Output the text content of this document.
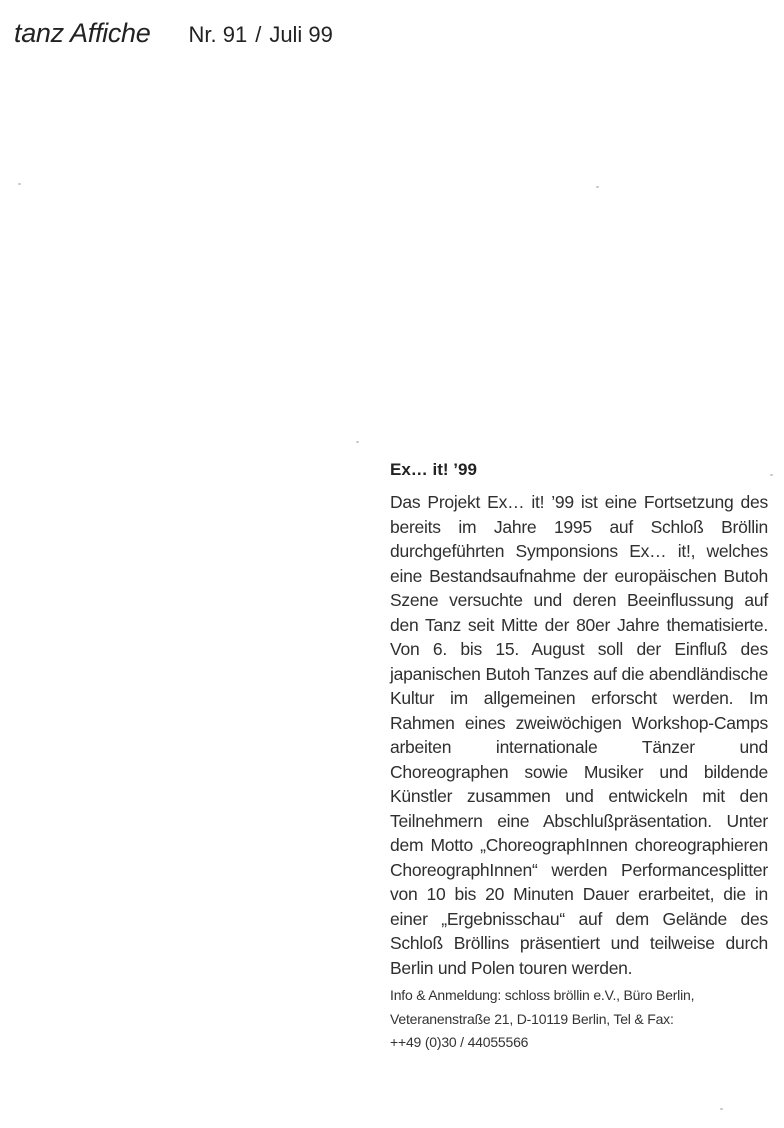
tanz Affiche Nr. 91 / Juli 99
Ex… it! ’99
Das Projekt Ex… it! ’99 ist eine Fortsetzung des bereits im Jahre 1995 auf Schloß Bröllin durchgeführten Symponsions Ex… it!, welches eine Bestandsaufnahme der europäischen Butoh Szene versuchte und deren Beeinflussung auf den Tanz seit Mitte der 80er Jahre thematisierte. Von 6. bis 15. August soll der Einfluß des japanischen Butoh Tanzes auf die abendländische Kultur im allgemeinen erforscht werden. Im Rahmen eines zweiwöchigen Workshop-Camps arbeiten internationale Tänzer und Choreographen sowie Musiker und bildende Künstler zusammen und entwickeln mit den Teilnehmern eine Abschlußpräsentation. Unter dem Motto „ChoreographInnen choreographieren ChoreographInnen“ werden Performancesplitter von 10 bis 20 Minuten Dauer erarbeitet, die in einer „Ergebnisschau“ auf dem Gelände des Schloß Bröllins präsentiert und teilweise durch Berlin und Polen touren werden.
Info & Anmeldung: schloss bröllin e.V., Büro Berlin,
Veteranenstraße 21, D-10119 Berlin, Tel & Fax:
++49 (0)30 / 44055566
